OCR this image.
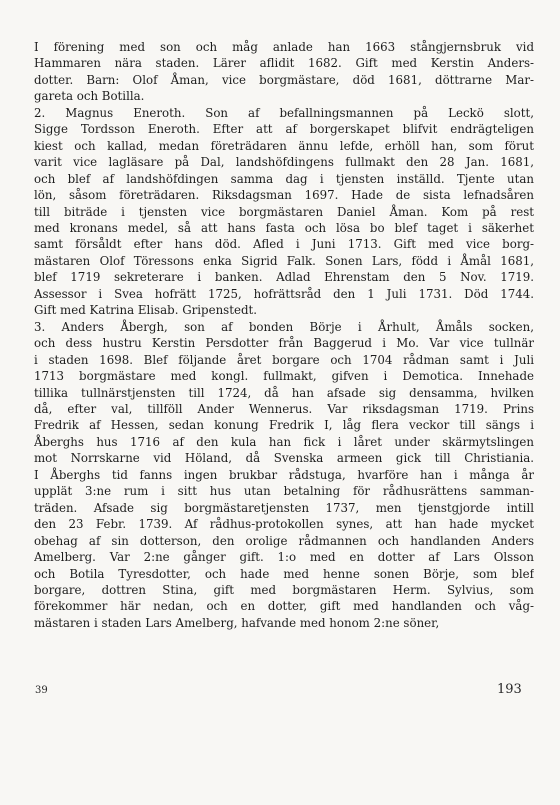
I förening med son och måg anlade han 1663 stångjernsbruk vid
Hammaren nära staden. Lärer aflidit 1682. Gift med Kerstin Anders-
dotter. Barn: Olof Åman, vice borgmästare, död 1681, döttrarne Mar-
gareta och Botilla.
2. Magnus Eneroth. Son af befallningsmannen på Leckö slott,
Sigge Tordsson Eneroth. Efter att af borgerskapet blifvit endrägteligen
kiest och kallad, medan företrädaren ännu lefde, erhöll han, som förut
varit vice lagläsare på Dal, landshöfdingens fullmakt den 28 Jan. 1681,
och blef af landshöfdingen samma dag i tjensten inställd. Tjente utan
lön, såsom företrädaren. Riksdagsman 1697. Hade de sista lefnadsåren
till biträde i tjensten vice borgmästaren Daniel Åman. Kom på rest
med kronans medel, så att hans fasta och lösa bo blef taget i säkerhet
samt försåldt efter hans död. Afled i Juni 1713. Gift med vice borg-
mästaren Olof Töressons enka Sigrid Falk. Sonen Lars, född i Åmål 1681,
blef 1719 sekreterare i banken. Adlad Ehrenstam den 5 Nov. 1719.
Assessor i Svea hofrätt 1725, hofrättsråd den 1 Juli 1731. Död 1744.
Gift med Katrina Elisab. Gripenstedt.
3. Anders Åbergh, son af bonden Börje i Århult, Åmåls socken,
och dess hustru Kerstin Persdotter från Baggerud i Mo. Var vice tullnär
i staden 1698. Blef följande året borgare och 1704 rådman samt i Juli
1713 borgmästare med kongl. fullmakt, gifven i Demotica. Innehade
tillika tullnärstjensten till 1724, då han afsade sig densamma, hvilken
då, efter val, tillföll Ander Wennerus. Var riksdagsman 1719. Prins
Fredrik af Hessen, sedan konung Fredrik I, låg flera veckor till sängs i
Åberghs hus 1716 af den kula han fick i låret under skärmytslingen
mot Norrskarne vid Höland, då Svenska armeen gick till Christiania.
I Åberghs tid fanns ingen brukbar rådstuga, hvarföre han i många år
upplät 3:ne rum i sitt hus utan betalning för rådhusrättens samman-
träden. Afsade sig borgmästaretjensten 1737, men tjenstgjorde intill
den 23 Febr. 1739. Af rådhus-protokollen synes, att han hade mycket
obehag af sin dotterson, den orolige rådmannen och handlanden Anders
Amelberg. Var 2:ne gånger gift. 1:o med en dotter af Lars Olsson
och Botila Tyresdotter, och hade med henne sonen Börje, som blef
borgare, dottren Stina, gift med borgmästaren Herm. Sylvius, som
förekommer här nedan, och en dotter, gift med handlanden och våg-
mästaren i staden Lars Amelberg, hafvande med honom 2:ne söner,
39	193
